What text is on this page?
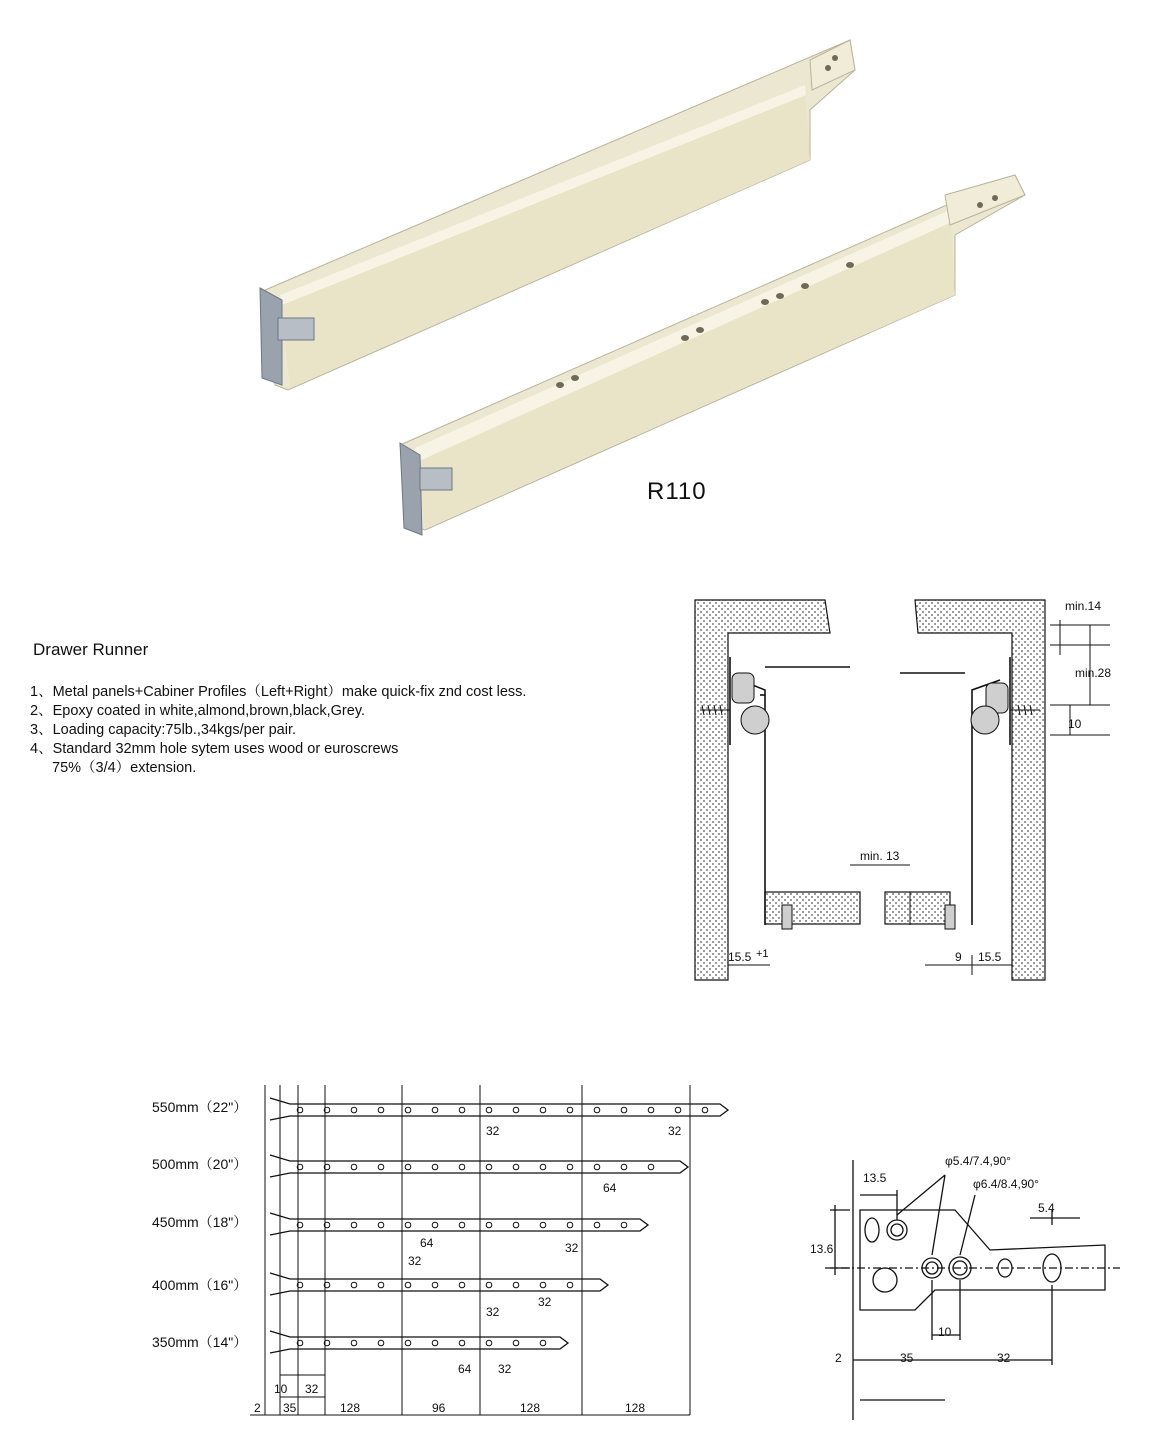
R110
Drawer Runner
1、Metal panels+Cabiner Profiles（Left+Right）make quick-fix znd cost less.
2、Epoxy coated in white,almond,brown,black,Grey.
3、Loading capacity:75lb.,34kgs/per pair.
4、Standard 32mm hole sytem uses wood or euroscrews
75%（3/4）extension.
min.14
min.28
10
min. 13
15.5 +1	9 15.5
10 32
2 35	128	96	128	128
32	32
64
64	32
32
32
32
64 32
550mm（22"）
500mm（20"）
450mm（18"）
400mm（16"）
350mm（14"）
13.5
φ5.4/7.4,90°
φ6.4/8.4,90°
5.4
13.6
10
2	35	32
